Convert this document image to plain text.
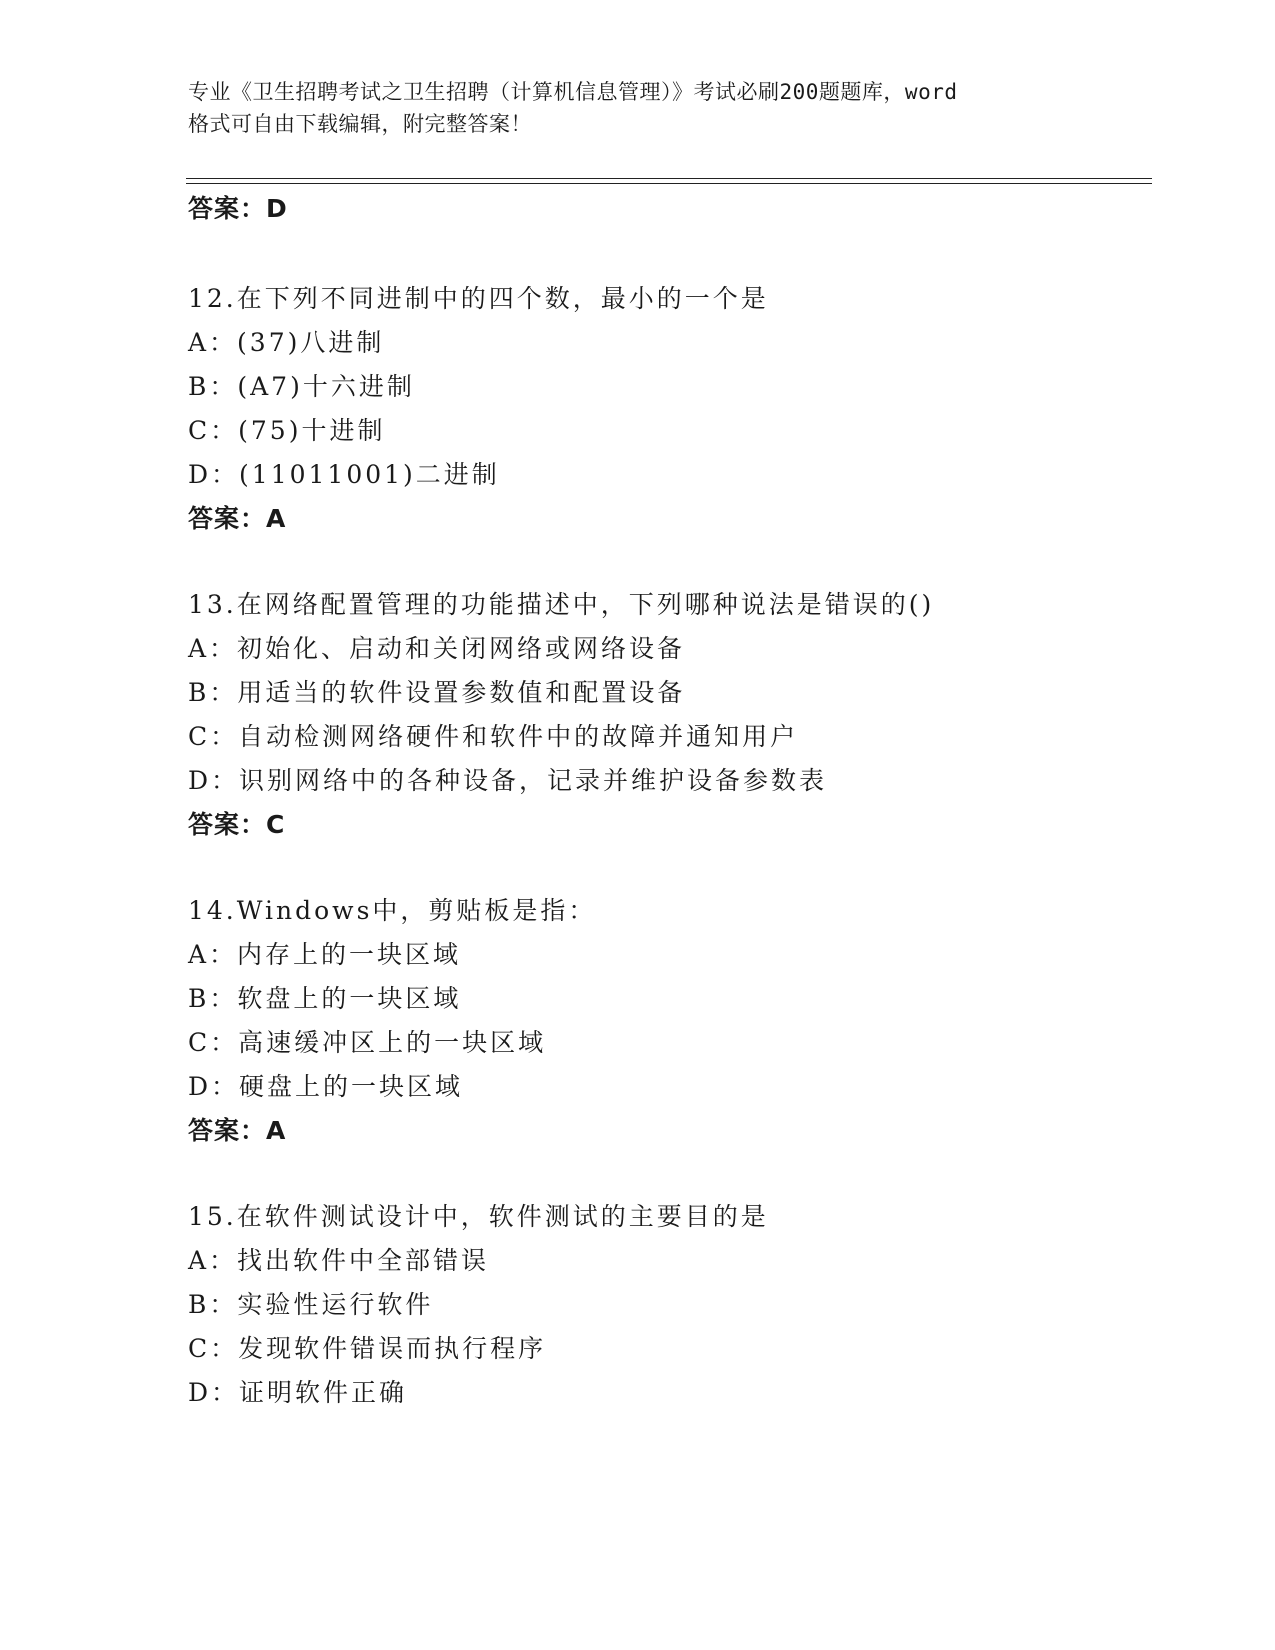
专业《卫生招聘考试之卫生招聘（计算机信息管理）》考试必刷200题题库，word
格式可自由下载编辑，附完整答案！
答案：D
12.在下列不同进制中的四个数，最小的一个是
A：(37)八进制
B：(A7)十六进制
C：(75)十进制
D：(11011001)二进制
答案：A
13.在网络配置管理的功能描述中，下列哪种说法是错误的()
A：初始化、启动和关闭网络或网络设备
B：用适当的软件设置参数值和配置设备
C：自动检测网络硬件和软件中的故障并通知用户
D：识别网络中的各种设备，记录并维护设备参数表
答案：C
14.Windows中，剪贴板是指：
A：内存上的一块区域
B：软盘上的一块区域
C：高速缓冲区上的一块区域
D：硬盘上的一块区域
答案：A
15.在软件测试设计中，软件测试的主要目的是
A：找出软件中全部错误
B：实验性运行软件
C：发现软件错误而执行程序
D：证明软件正确
